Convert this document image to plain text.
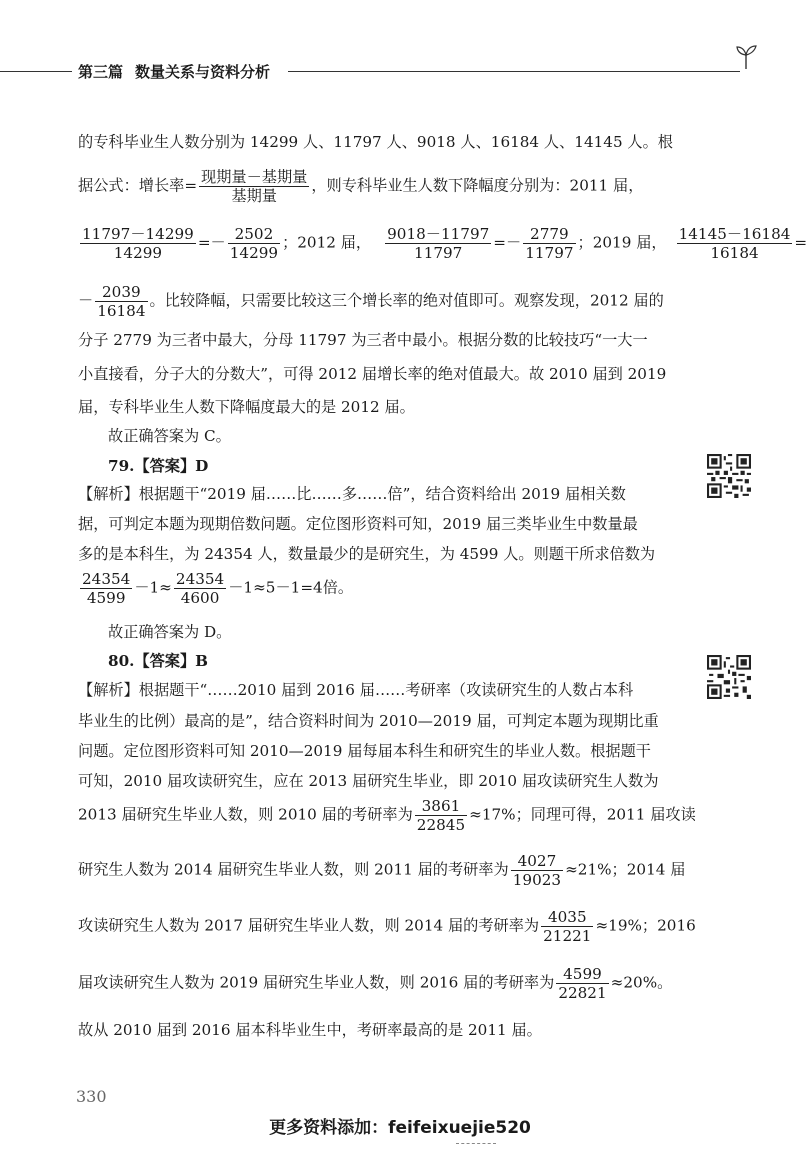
第三篇 数量关系与资料分析
的专科毕业生人数分别为 14299 人、11797 人、9018 人、16184 人、14145 人。根
据公式：增长率= $\frac{\text{现期量－基期量}}{\text{基期量}}$ ，则专科毕业生人数下降幅度分别为：2011 届，
$\frac{11797-14299}{14299} =- \frac{2502}{14299}$ ；2012 届， $\frac{9018-11797}{11797} =- \frac{2779}{11797}$ ；2019 届， $\frac{14145-16184}{16184}$ =
－ $\frac{2039}{16184}$ 。比较降幅，只需要比较这三个增长率的绝对值即可。观察发现，2012 届的
分子 2779 为三者中最大，分母 11797 为三者中最小。根据分数的比较技巧“一大一
小直接看，分子大的分数大”，可得 2012 届增长率的绝对值最大。故 2010 届到 2019
届，专科毕业生人数下降幅度最大的是 2012 届。
故正确答案为 C。
79.【答案】D
【解析】根据题干“2019 届……比……多……倍”，结合资料给出 2019 届相关数
据，可判定本题为现期倍数问题。定位图形资料可知，2019 届三类毕业生中数量最
多的是本科生，为 24354 人，数量最少的是研究生，为 4599 人。则题干所求倍数为
$\frac{24354}{4599} -1\approx \frac{24354}{4600} -1\approx 5-1=4$倍。
故正确答案为 D。
80.【答案】B
【解析】根据题干“……2010 届到 2016 届……考研率（攻读研究生的人数占本科
毕业生的比例）最高的是”，结合资料时间为 2010—2019 届，可判定本题为现期比重
问题。定位图形资料可知 2010—2019 届每届本科生和研究生的毕业人数。根据题干
可知，2010 届攻读研究生，应在 2013 届研究生毕业，即 2010 届攻读研究生人数为
2013 届研究生毕业人数，则 2010 届的考研率为 $\frac{3861}{22845} \approx 17\%$；同理可得，2011 届攻读
研究生人数为 2014 届研究生毕业人数，则 2011 届的考研率为 $\frac{4027}{19023} \approx 21\%$；2014 届
攻读研究生人数为 2017 届研究生毕业人数，则 2014 届的考研率为 $\frac{4035}{21221} \approx 19\%$；2016
届攻读研究生人数为 2019 届研究生毕业人数，则 2016 届的考研率为 $\frac{4599}{22821} \approx 20\%$。
故从 2010 届到 2016 届本科毕业生中，考研率最高的是 2011 届。
330
更多资料添加：feifeixuejie520
